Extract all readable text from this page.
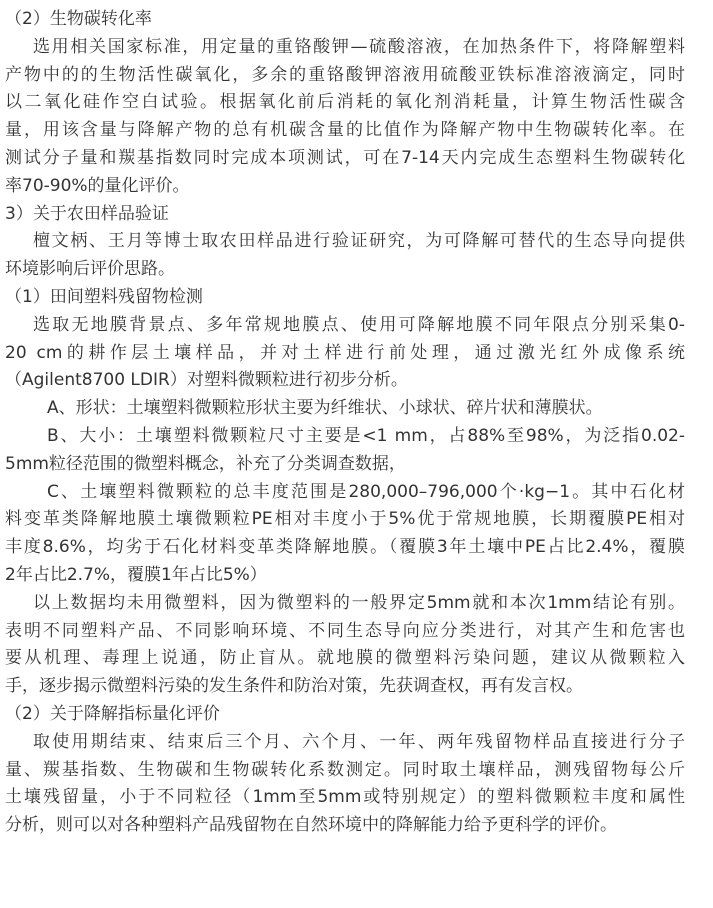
（2）生物碳转化率
选用相关国家标准，用定量的重铬酸钾—硫酸溶液，在加热条件下，将降解塑料
产物中的的生物活性碳氧化，多余的重铬酸钾溶液用硫酸亚铁标准溶液滴定，同时
以二氧化硅作空白试验。根据氧化前后消耗的氧化剂消耗量，计算生物活性碳含
量，用该含量与降解产物的总有机碳含量的比值作为降解产物中生物碳转化率。在
测试分子量和羰基指数同时完成本项测试，可在7-14天内完成生态塑料生物碳转化
率70-90%的量化评价。
3）关于农田样品验证
檀文柄、王月等博士取农田样品进行验证研究，为可降解可替代的生态导向提供
环境影响后评价思路。
（1）田间塑料残留物检测
选取无地膜背景点、多年常规地膜点、使用可降解地膜不同年限点分别采集0-
20 cm的耕作层土壤样品，并对土样进行前处理，通过激光红外成像系统
（Agilent8700 LDIR）对塑料微颗粒进行初步分析。
A、形状：土壤塑料微颗粒形状主要为纤维状、小球状、碎片状和薄膜状。
B、大小：土壤塑料微颗粒尺寸主要是<1 mm，占88%至98%，为泛指0.02-
5mm粒径范围的微塑料概念，补充了分类调查数据，
C、土壤塑料微颗粒的总丰度范围是280,000–796,000个·kg−1。其中石化材
料变革类降解地膜土壤微颗粒PE相对丰度小于5%优于常规地膜，长期覆膜PE相对
丰度8.6%，均劣于石化材料变革类降解地膜。（覆膜3年土壤中PE占比2.4%，覆膜
2年占比2.7%，覆膜1年占比5%）
以上数据均未用微塑料，因为微塑料的一般界定5mm就和本次1mm结论有别。
表明不同塑料产品、不同影响环境、不同生态导向应分类进行，对其产生和危害也
要从机理、毒理上说通，防止盲从。就地膜的微塑料污染问题，建议从微颗粒入
手，逐步揭示微塑料污染的发生条件和防治对策，先获调查权，再有发言权。
（2）关于降解指标量化评价
取使用期结束、结束后三个月、六个月、一年、两年残留物样品直接进行分子
量、羰基指数、生物碳和生物碳转化系数测定。同时取土壤样品，测残留物每公斤
土壤残留量，小于不同粒径（1mm至5mm或特别规定）的塑料微颗粒丰度和属性
分析，则可以对各种塑料产品残留物在自然环境中的降解能力给予更科学的评价。
